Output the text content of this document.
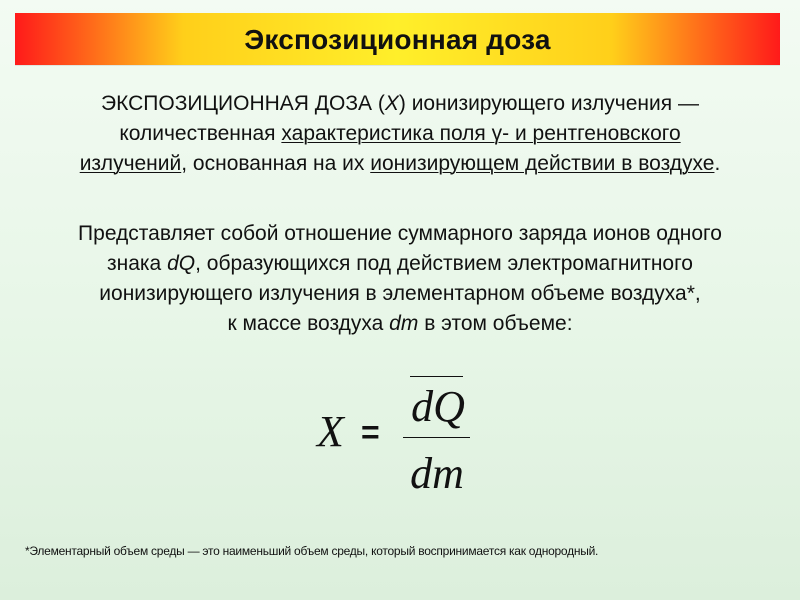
Экспозиционная доза
ЭКСПОЗИЦИОННАЯ ДОЗА (X) ионизирующего излучения —
количественная характеристика поля γ- и рентгеновского
излучений, основанная на их ионизирующем действии в воздухе.
Представляет собой отношение суммарного заряда ионов одного
знака dQ, образующихся под действием электромагнитного
ионизирующего излучения в элементарном объеме воздуха*,
к массе воздуха dm в этом объеме:
X =
dQ
dm
*Элементарный объем среды — это наименьший объем среды, который воспринимается как однородный.
